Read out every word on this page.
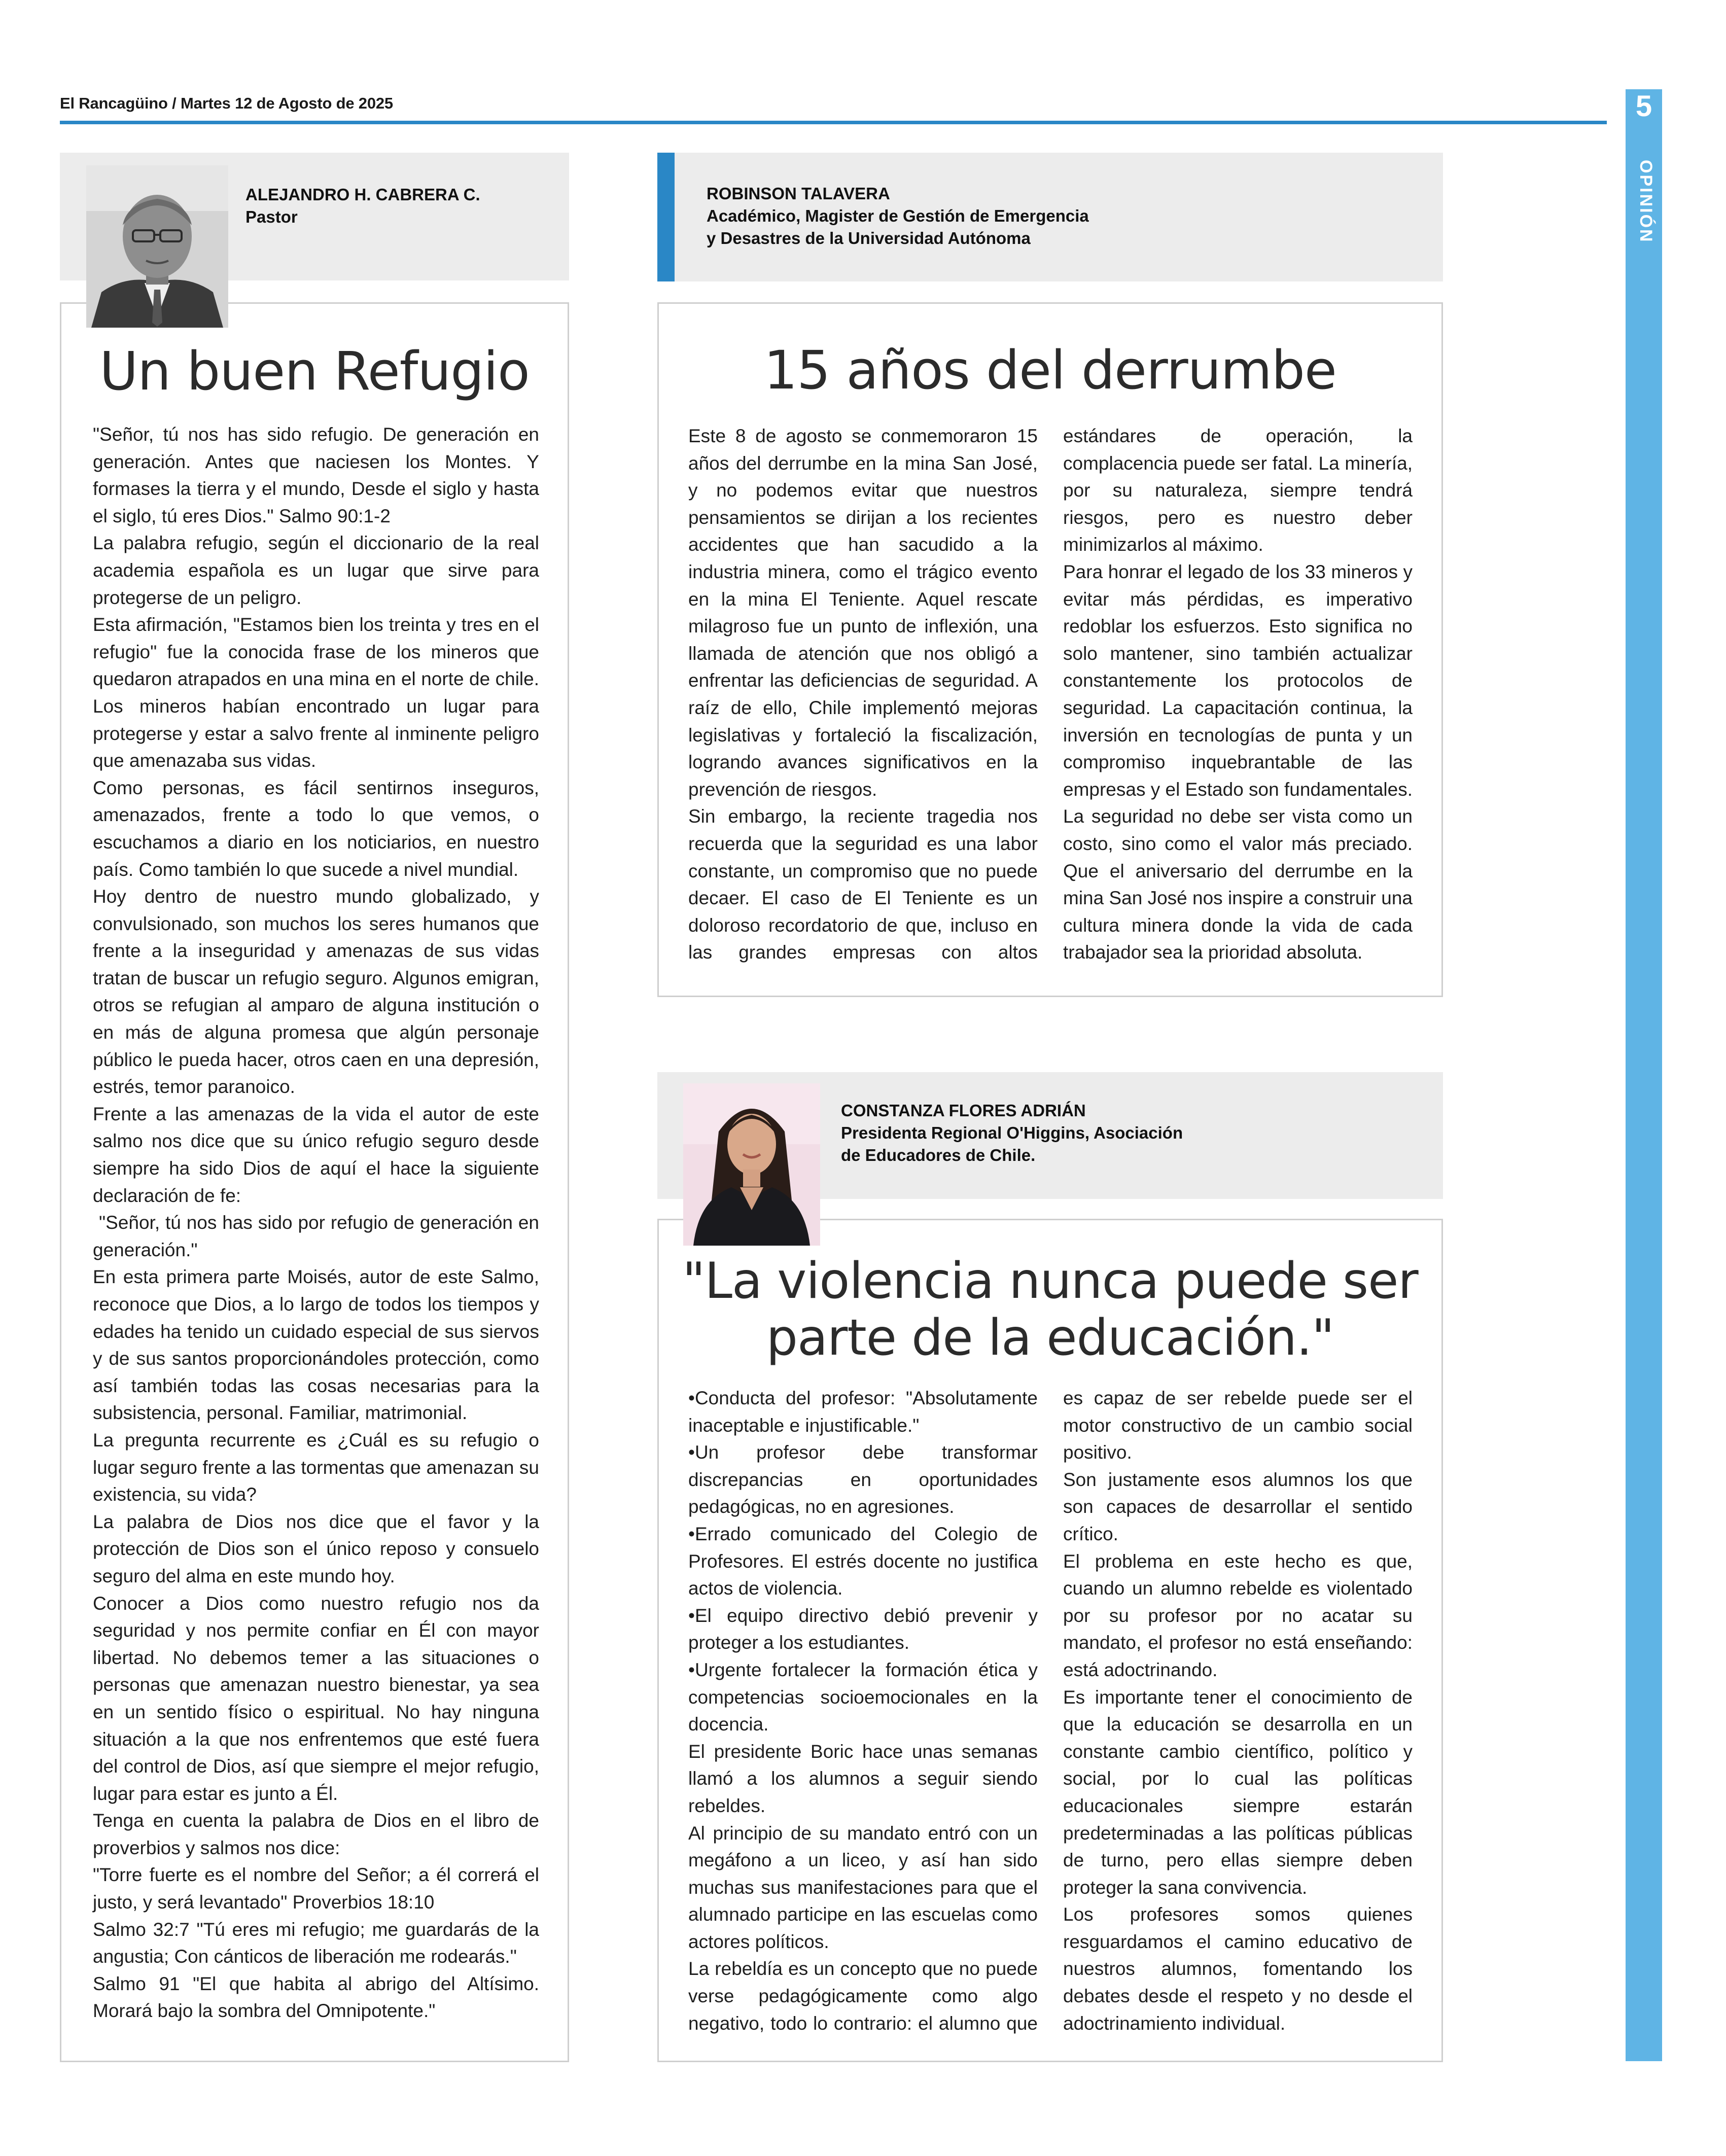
El Rancagüino / Martes 12 de Agosto de 2025	5
OPINIÓN
ALEJANDRO H. CABRERA C.
Pastor
Un buen Refugio

"Señor, tú nos has sido refugio. De generación en generación. Antes que naciesen los Montes. Y formases la tierra y el mundo, Desde el siglo y hasta el siglo, tú eres Dios." Salmo 90:1-2

La palabra refugio, según el diccionario de la real academia española es un lugar que sirve para protegerse de un peligro.

Esta afirmación, "Estamos bien los treinta y tres en el refugio" fue la conocida frase de los mineros que quedaron atrapados en una mina en el norte de chile. Los mineros habían encontrado un lugar para protegerse y estar a salvo frente al inminente peligro que amenazaba sus vidas.

Como personas, es fácil sentirnos inseguros, amenazados, frente a todo lo que vemos, o escuchamos a diario en los noticiarios, en nuestro país. Como también lo que sucede a nivel mundial.

Hoy dentro de nuestro mundo globalizado, y convulsionado, son muchos los seres humanos que frente a la inseguridad y amenazas de sus vidas tratan de buscar un refugio seguro. Algunos emigran, otros se refugian al amparo de alguna institución o en más de alguna promesa que algún personaje público le pueda hacer, otros caen en una depresión, estrés, temor paranoico.

Frente a las amenazas de la vida el autor de este salmo nos dice que su único refugio seguro desde siempre ha sido Dios de aquí el hace la siguiente declaración de fe:

"Señor, tú nos has sido por refugio de generación en generación."

En esta primera parte Moisés, autor de este Salmo, reconoce que Dios, a lo largo de todos los tiempos y edades ha tenido un cuidado especial de sus siervos y de sus santos proporcionándoles protección, como así también todas las cosas necesarias para la subsistencia, personal. Familiar, matrimonial.

La pregunta recurrente es ¿Cuál es su refugio o lugar seguro frente a las tormentas que amenazan su existencia, su vida?

La palabra de Dios nos dice que el favor y la protección de Dios son el único reposo y consuelo seguro del alma en este mundo hoy.

Conocer a Dios como nuestro refugio nos da seguridad y nos permite confiar en Él con mayor libertad. No debemos temer a las situaciones o personas que amenazan nuestro bienestar, ya sea en un sentido físico o espiritual. No hay ninguna situación a la que nos enfrentemos que esté fuera del control de Dios, así que siempre el mejor refugio, lugar para estar es junto a Él.

Tenga en cuenta la palabra de Dios en el libro de proverbios y salmos nos dice:

"Torre fuerte es el nombre del Señor; a él correrá el justo, y será levantado" Proverbios 18:10

Salmo 32:7 "Tú eres mi refugio; me guardarás de la angustia; Con cánticos de liberación me rodearás."

Salmo 91 "El que habita al abrigo del Altísimo. Morará bajo la sombra del Omnipotente."

ROBINSON TALAVERA
Académico, Magister de Gestión de Emergencia
y Desastres de la Universidad Autónoma
15 años del derrumbe

Este 8 de agosto se conmemoraron 15 años del derrumbe en la mina San José, y no podemos evitar que nuestros pensamientos se dirijan a los recientes accidentes que han sacudido a la industria minera, como el trágico evento en la mina El Teniente. Aquel rescate milagroso fue un punto de inflexión, una llamada de atención que nos obligó a enfrentar las deficiencias de seguridad. A raíz de ello, Chile implementó mejoras legislativas y fortaleció la fiscalización, logrando avances significativos en la prevención de riesgos.

Sin embargo, la reciente tragedia nos recuerda que la seguridad es una labor constante, un compromiso que no puede decaer. El caso de El Teniente es un doloroso recordatorio de que, incluso en las grandes empresas con altos estándares de operación, la complacencia puede ser fatal. La minería, por su naturaleza, siempre tendrá riesgos, pero es nuestro deber minimizarlos al máximo.

Para honrar el legado de los 33 mineros y evitar más pérdidas, es imperativo redoblar los esfuerzos. Esto significa no solo mantener, sino también actualizar constantemente los protocolos de seguridad. La capacitación continua, la inversión en tecnologías de punta y un compromiso inquebrantable de las empresas y el Estado son fundamentales.

La seguridad no debe ser vista como un costo, sino como el valor más preciado. Que el aniversario del derrumbe en la mina San José nos inspire a construir una cultura minera donde la vida de cada trabajador sea la prioridad absoluta.

CONSTANZA FLORES ADRIÁN
Presidenta Regional O'Higgins, Asociación
de Educadores de Chile.
"La violencia nunca puede ser
parte de la educación."

•Conducta del profesor: "Absolutamente inaceptable e injustificable."

•Un profesor debe transformar discrepancias en oportunidades pedagógicas, no en agresiones.

•Errado comunicado del Colegio de Profesores. El estrés docente no justifica actos de violencia.

•El equipo directivo debió prevenir y proteger a los estudiantes.

•Urgente fortalecer la formación ética y competencias socioemocionales en la docencia.

El presidente Boric hace unas semanas llamó a los alumnos a seguir siendo rebeldes.

Al principio de su mandato entró con un megáfono a un liceo, y así han sido muchas sus manifestaciones para que el alumnado participe en las escuelas como actores políticos.

La rebeldía es un concepto que no puede verse pedagógicamente como algo negativo, todo lo contrario: el alumno que es capaz de ser rebelde puede ser el motor constructivo de un cambio social positivo.

Son justamente esos alumnos los que son capaces de desarrollar el sentido crítico.

El problema en este hecho es que, cuando un alumno rebelde es violentado por su profesor por no acatar su mandato, el profesor no está enseñando: está adoctrinando.

Es importante tener el conocimiento de que la educación se desarrolla en un constante cambio científico, político y social, por lo cual las políticas educacionales siempre estarán predeterminadas a las políticas públicas de turno, pero ellas siempre deben proteger la sana convivencia.

Los profesores somos quienes resguardamos el camino educativo de nuestros alumnos, fomentando los debates desde el respeto y no desde el adoctrinamiento individual.
